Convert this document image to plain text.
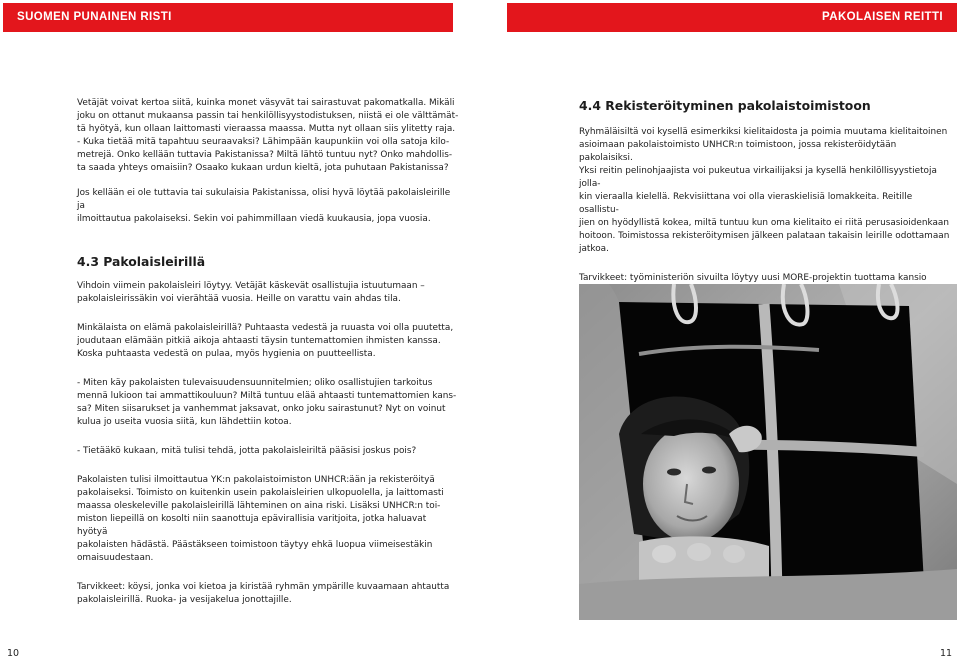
SUOMEN PUNAINEN RISTI	PAKOLAISEN REITTI

Vetäjät voivat kertoa siitä, kuinka monet väsyvät tai sairastuvat pakomatkalla. Mikäli
joku on ottanut mukaansa passin tai henkilöllisyystodistuksen, niistä ei ole välttämät-
tä hyötyä, kun ollaan laittomasti vieraassa maassa. Mutta nyt ollaan siis ylitetty raja.
- Kuka tietää mitä tapahtuu seuraavaksi? Lähimpään kaupunkiin voi olla satoja kilo-
metrejä. Onko kellään tuttavia Pakistanissa? Miltä lähtö tuntuu nyt? Onko mahdollis-
ta saada yhteys omaisiin? Osaako kukaan urdun kieltä, jota puhutaan Pakistanissa?

Jos kellään ei ole tuttavia tai sukulaisia Pakistanissa, olisi hyvä löytää pakolaisleirille ja
ilmoittautua pakolaiseksi. Sekin voi pahimmillaan viedä kuukausia, jopa vuosia.

4.3 Pakolaisleirillä

Vihdoin viimein pakolaisleiri löytyy. Vetäjät käskevät osallistujia istuutumaan –
pakolaisleirissäkin voi vierähtää vuosia. Heille on varattu vain ahdas tila.

Minkälaista on elämä pakolaisleirillä? Puhtaasta vedestä ja ruuasta voi olla puutetta,
joudutaan elämään pitkiä aikoja ahtaasti täysin tuntemattomien ihmisten kanssa.
Koska puhtaasta vedestä on pulaa, myös hygienia on puutteellista.

- Miten käy pakolaisten tulevaisuudensuunnitelmien; oliko osallistujien tarkoitus
mennä lukioon tai ammattikouluun? Miltä tuntuu elää ahtaasti tuntemattomien kans-
sa? Miten siisarukset ja vanhemmat jaksavat, onko joku sairastunut? Nyt on voinut
kulua jo useita vuosia siitä, kun lähdettiin kotoa.

- Tietääkö kukaan, mitä tulisi tehdä, jotta pakolaisleiriltä pääsisi joskus pois?

Pakolaisten tulisi ilmoittautua YK:n pakolaistoimiston UNHCR:ään ja rekisteröityä
pakolaiseksi. Toimisto on kuitenkin usein pakolaisleirien ulkopuolella, ja laittomasti
maassa oleskeleville pakolaisleirillä lähteminen on aina riski. Lisäksi UNHCR:n toi-
miston liepeillä on kosolti niin saanottuja epävirallisia varitjoita, jotka haluavat hyötyä
pakolaisten hädästä. Päästäkseen toimistoon täytyy ehkä luopua viimeisestäkin
omaisuudestaan.

Tarvikkeet: köysi, jonka voi kietoa ja kiristää ryhmän ympärille kuvaamaan ahtautta
pakolaisleirillä. Ruoka- ja vesijakelua jonottajille.

4.4 Rekisteröityminen pakolaistoimistoon

Ryhmäläisiltä voi kysellä esimerkiksi kielitaidosta ja poimia muutama kielitaitoinen
asioimaan pakolaistoimisto UNHCR:n toimistoon, jossa rekisteröidytään pakolaisiksi.
Yksi reitin pelinohjaajista voi pukeutua virkailijaksi ja kysellä henkilöllisyystietoja jolla-
kin vieraalla kielellä. Rekvisiittana voi olla vieraskielisiä lomakkeita. Reitille osallistu-
jien on hyödyllistä kokea, miltä tuntuu kun oma kielitaito ei riitä perusasioidenkaan
hoitoon. Toimistossa rekisteröitymisen jälkeen palataan takaisin leirille odottamaan
jatkoa.

Tarvikkeet: työministeriön sivuilta löytyy uusi MORE-projektin tuottama kansio

10	11
